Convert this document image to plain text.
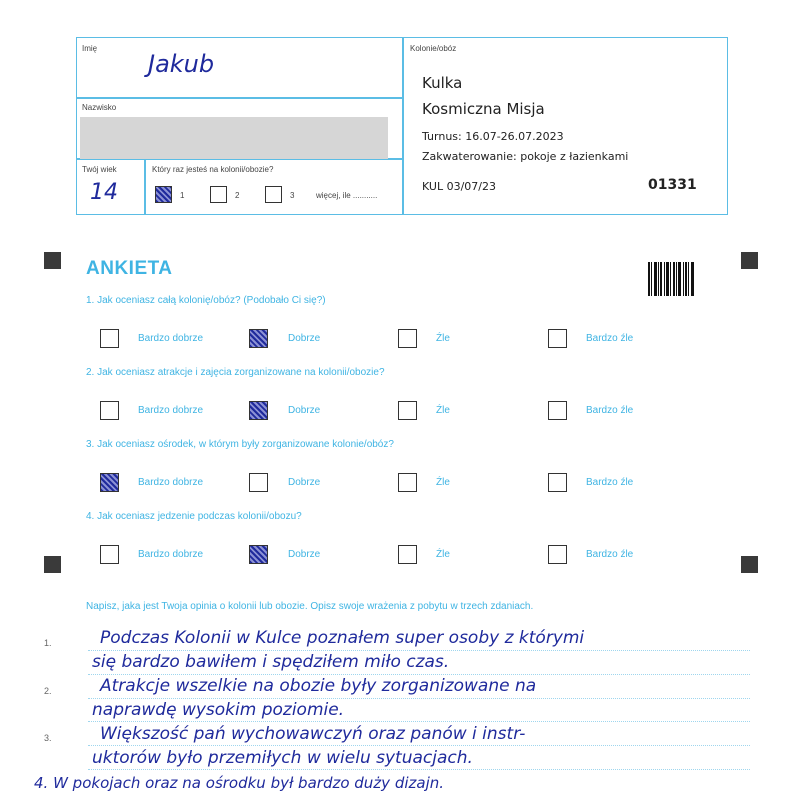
Imię
Jakub
Nazwisko
Twój wiek
14
Który raz jesteś na kolonii/obozie?
1	2	3	więcej, ile ...........
Kolonie/obóz
Kulka
Kosmiczna Misja
Turnus: 16.07-26.07.2023
Zakwaterowanie: pokoje z łazienkami
KUL 03/07/23	01331
ANKIETA
1. Jak oceniasz całą kolonię/obóz? (Podobało Ci się?)
Bardzo dobrze	Dobrze	Źle	Bardzo źle
2. Jak oceniasz atrakcje i zajęcia zorganizowane na kolonii/obozie?
Bardzo dobrze	Dobrze	Źle	Bardzo źle
3. Jak oceniasz ośrodek, w którym były zorganizowane kolonie/obóz?
Bardzo dobrze	Dobrze	Źle	Bardzo źle
4. Jak oceniasz jedzenie podczas kolonii/obozu?
Bardzo dobrze	Dobrze	Źle	Bardzo źle
Napisz, jaka jest Twoja opinia o kolonii lub obozie. Opisz swoje wrażenia z pobytu w trzech zdaniach.
1.
2.
3.
Podczas Kolonii w Kulce poznałem super osoby z którymi
się bardzo bawiłem i spędziłem miło czas.
Atrakcje wszelkie na obozie były zorganizowane na
naprawdę wysokim poziomie.
Większość pań wychowawczyń oraz panów i instr-
uktorów było przemiłych w wielu sytuacjach.
4. W pokojach oraz na ośrodku był bardzo duży dizajn.
